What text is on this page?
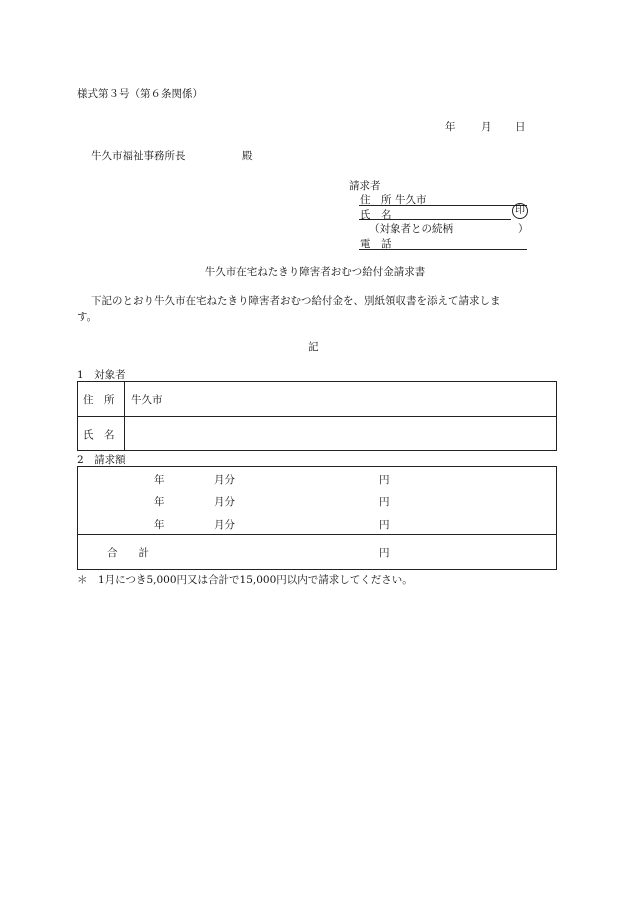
様式第３号（第６条関係）
年 月 日
牛久市福祉事務所長	殿
請求者
住　所 牛久市
氏　名	印
（対象者との続柄	）
電　話
牛久市在宅ねたきり障害者おむつ給付金請求書
下記のとおり牛久市在宅ねたきり障害者おむつ給付金を、別紙領収書を添えて請求しま
す。
記
1　対象者
住　所 牛久市
氏　名
2　請求額
年	月分	円
年	月分	円
年	月分	円
合　　計	円
＊　1月につき5,000円又は合計で15,000円以内で請求してください。
